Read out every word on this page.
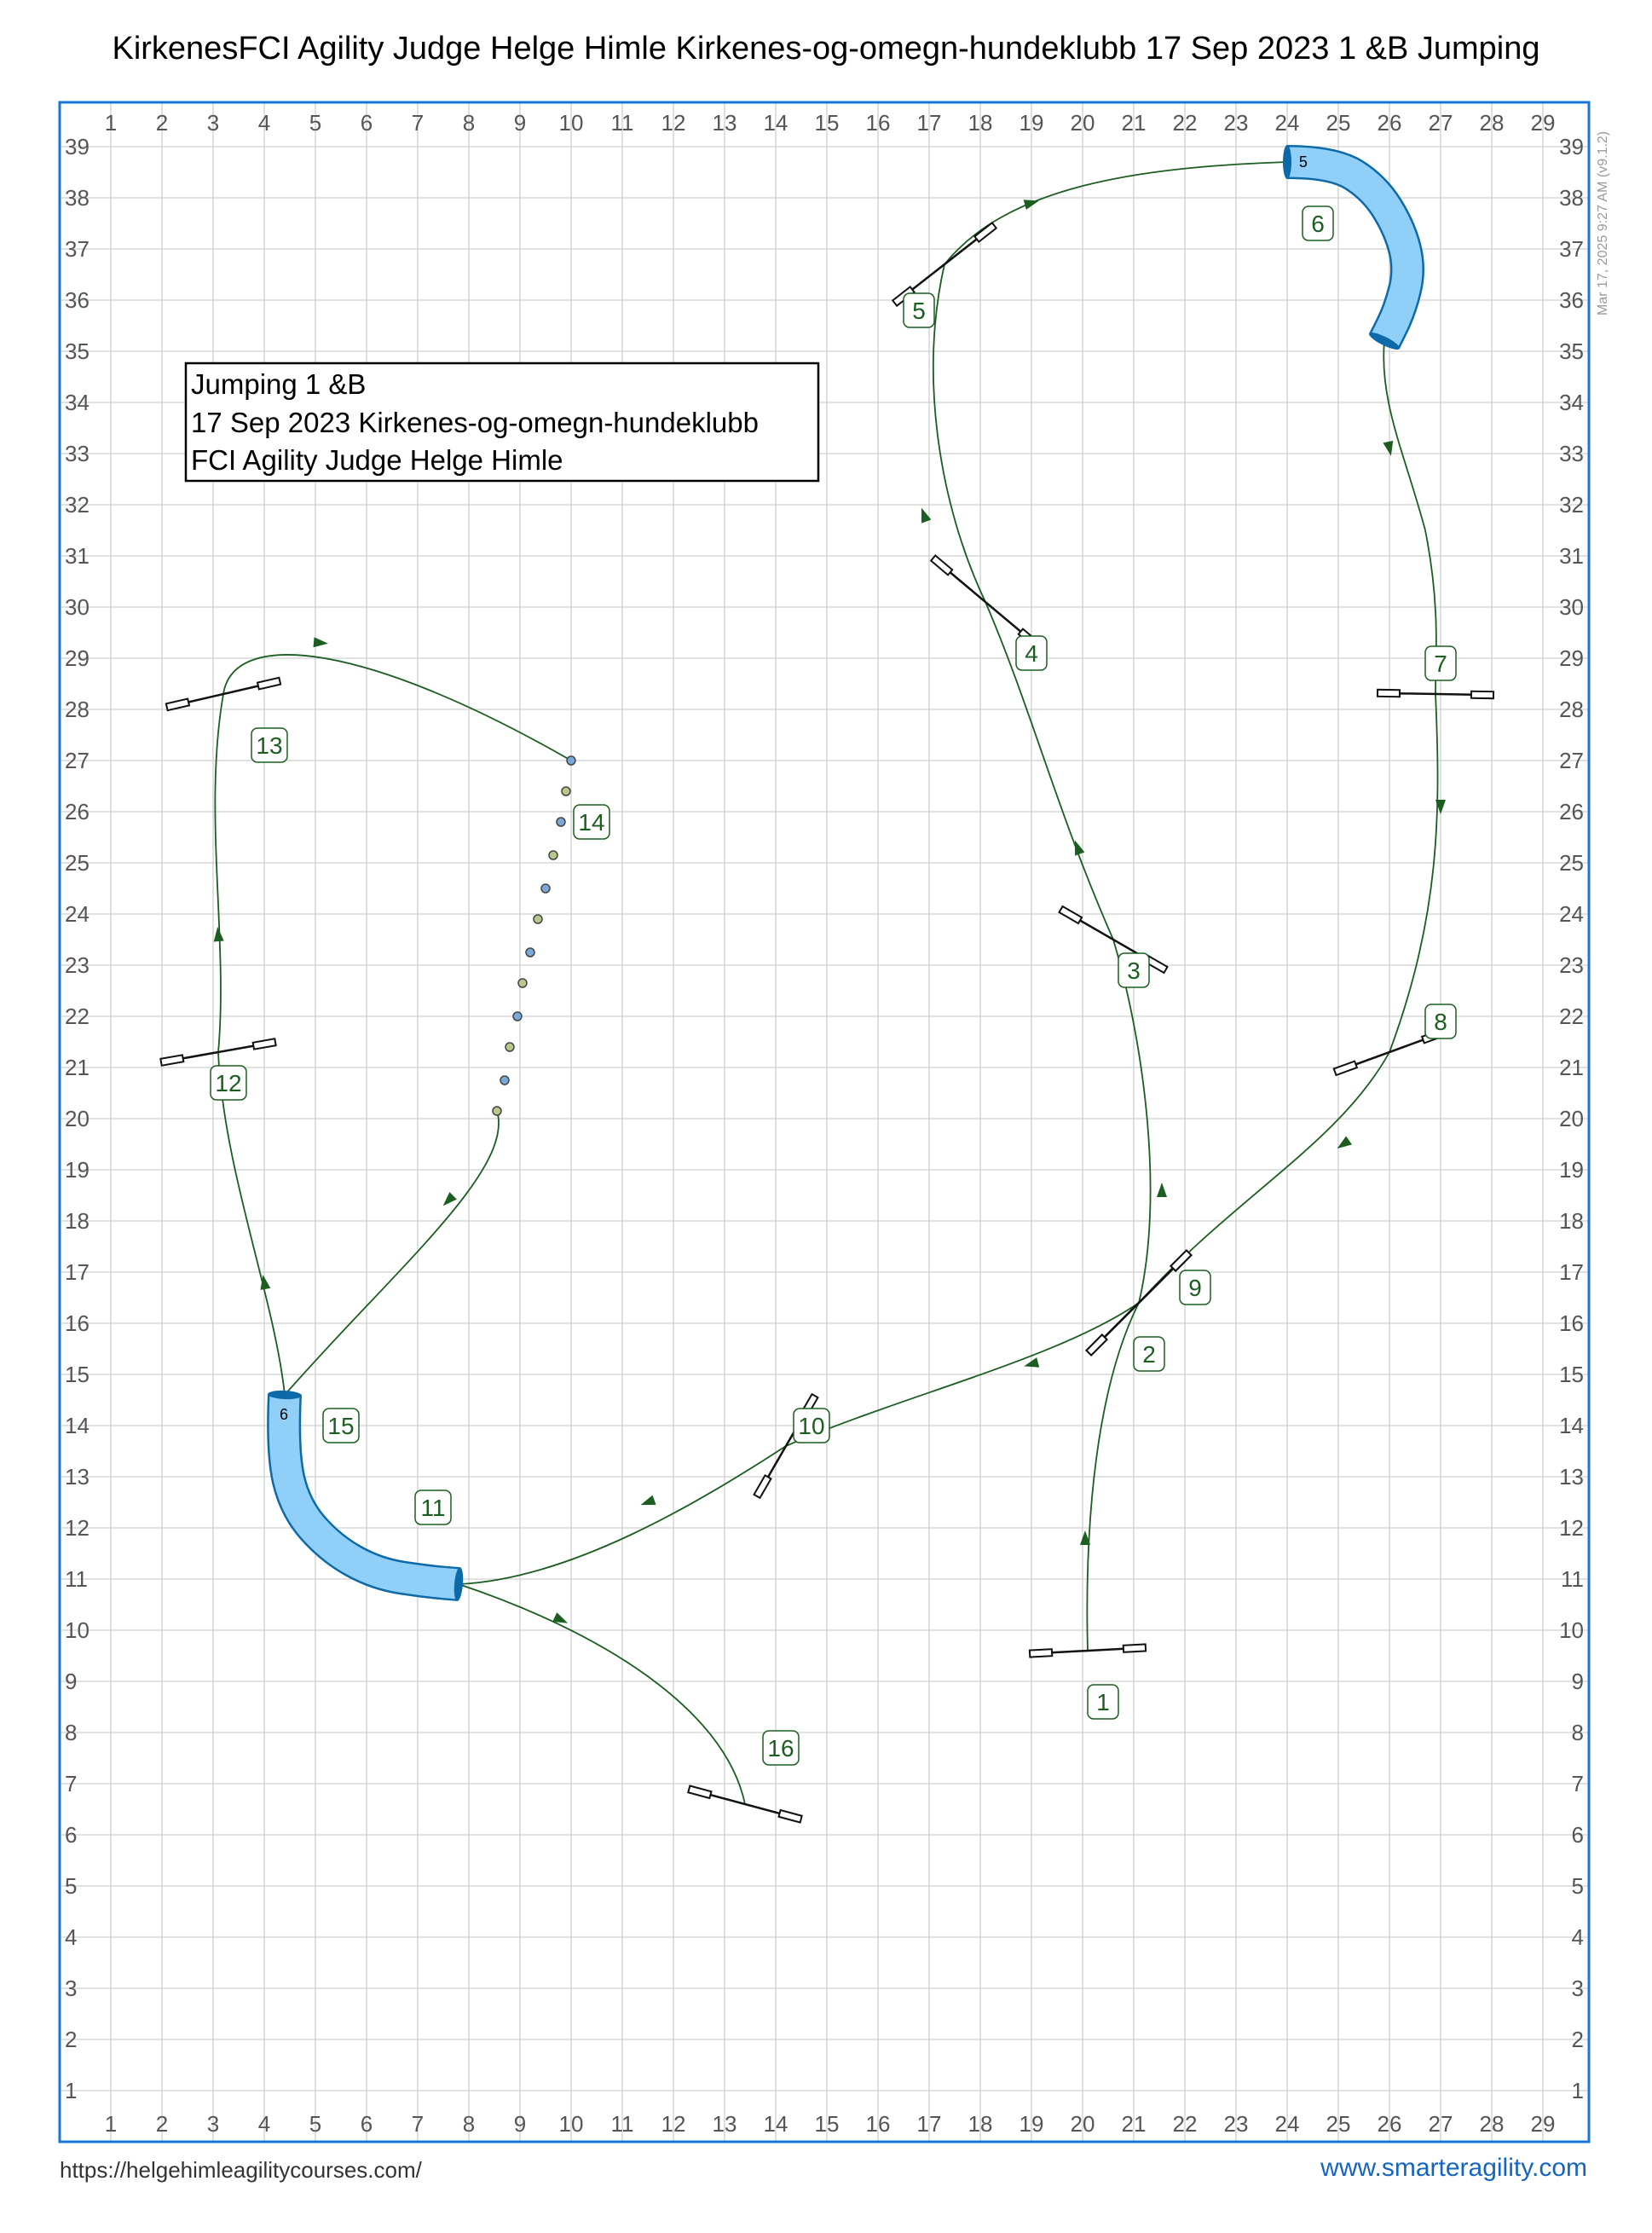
KirkenesFCI Agility Judge Helge Himle Kirkenes-og-omegn-hundeklubb 17 Sep 2023 1 &B Jumping
1
1
2
2
3
3
4
4
5
5
6
6
7
7
8
8
9
9
10
10
11
11
12
12
13
13
14
14
15
15
16
16
17
17
18
18
19
19
20
20
21
21
22
22
23
23
24
24
25
25
26
26
27
27
28
28
29
29
1	1
2	2
3	3
4	4
5	5
6	6
7	7
8	8
9	9
10	10
11	11
12	12
13	13
14	14
15	15
16	16
17	17
18	18
19	19
20	20
21	21
22	22
23	23
24	24
25	25
26	26
27	27
28	28
29	29
30	30
31	31
32	32
33	33
34	34
35	35
36	36
37	37
38	38
39	39
5
6
1
2
3
4
5
7
8
9
10
12
13
16
6
11
15
14
Jumping 1 &B
17 Sep 2023 Kirkenes-og-omegn-hundeklubb
FCI Agility Judge Helge Himle
Mar 17, 2025 9:27 AM (v9.1.2)
https://helgehimleagilitycourses.com/	www.smarteragility.com
